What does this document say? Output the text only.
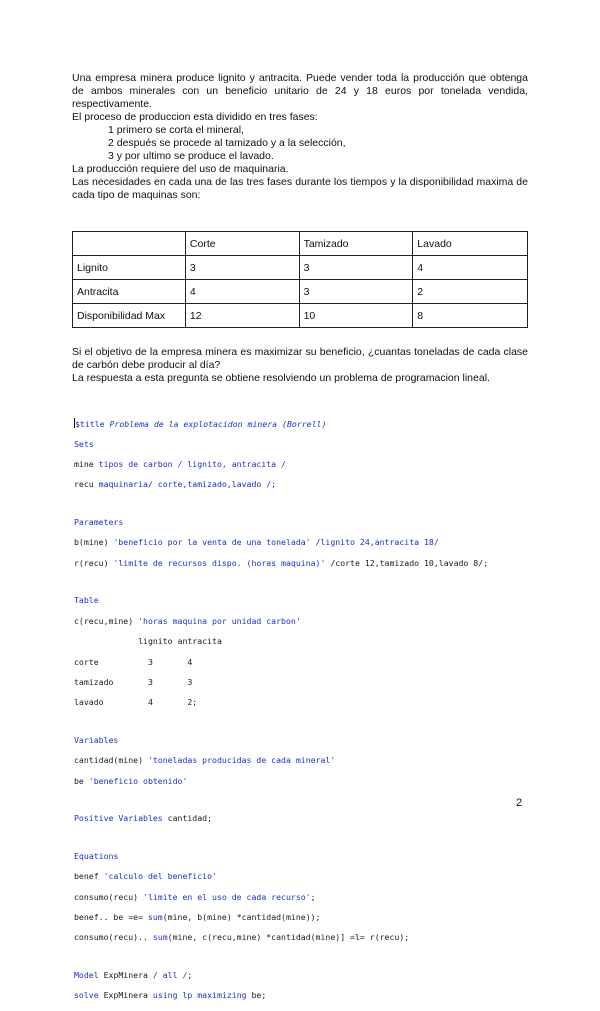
Una empresa minera produce lignito y antracita. Puede vender toda la producción que obtenga de ambos minerales con un beneficio unitario de 24 y 18 euros por tonelada vendida, respectivamente.

El proceso de produccion esta dividido en tres fases:

1 primero se corta el mineral,

2 después se procede al tamizado y a la selección,

3 y por ultimo se produce el lavado.

La producción requiere del uso de maquinaria.

Las necesidades en cada una de las tres fases durante los tiempos y la disponibilidad maxima de cada tipo de maquinas son:

	Corte	Tamizado	Lavado
Lignito	3	3	4
Antracita	4	3	2
Disponibilidad Max	12	10	8

Si el objetivo de la empresa minera es maximizar su beneficio, ¿cuantas toneladas de cada clase de carbón debe producir al día?

La respuesta a esta pregunta se obtiene resolviendo un problema de programacion lineal.

$title Problema de la explotacidon minera (Borrell)

Sets

mine tipos de carbon / lignito, antracita /

recu maquinaria/ corte,tamizado,lavado /;

Parameters

b(mine) 'beneficio por la venta de una tonelada' /lignito 24,antracita 18/

r(recu) 'limite de recursos dispo. (horas maquina)' /corte 12,tamizado 10,lavado 8/;

Table

c(recu,mine) 'horas maquina por unidad carbon'

lignito antracita

corte          3       4

tamizado       3       3

lavado         4       2;

Variables

cantidad(mine) 'toneladas producidas de cada mineral'

be 'beneficio obtenido'

Positive Variables cantidad;

Equations

benef 'calculo del beneficio'

consumo(recu) 'limite en el uso de cada recurso';

benef.. be =e= sum(mine, b(mine) *cantidad(mine));

consumo(recu).. sum(mine, c(recu,mine) *cantidad(mine)] =l= r(recu);

Model ExpMinera / all /;

solve ExpMinera using lp maximizing be;

2
